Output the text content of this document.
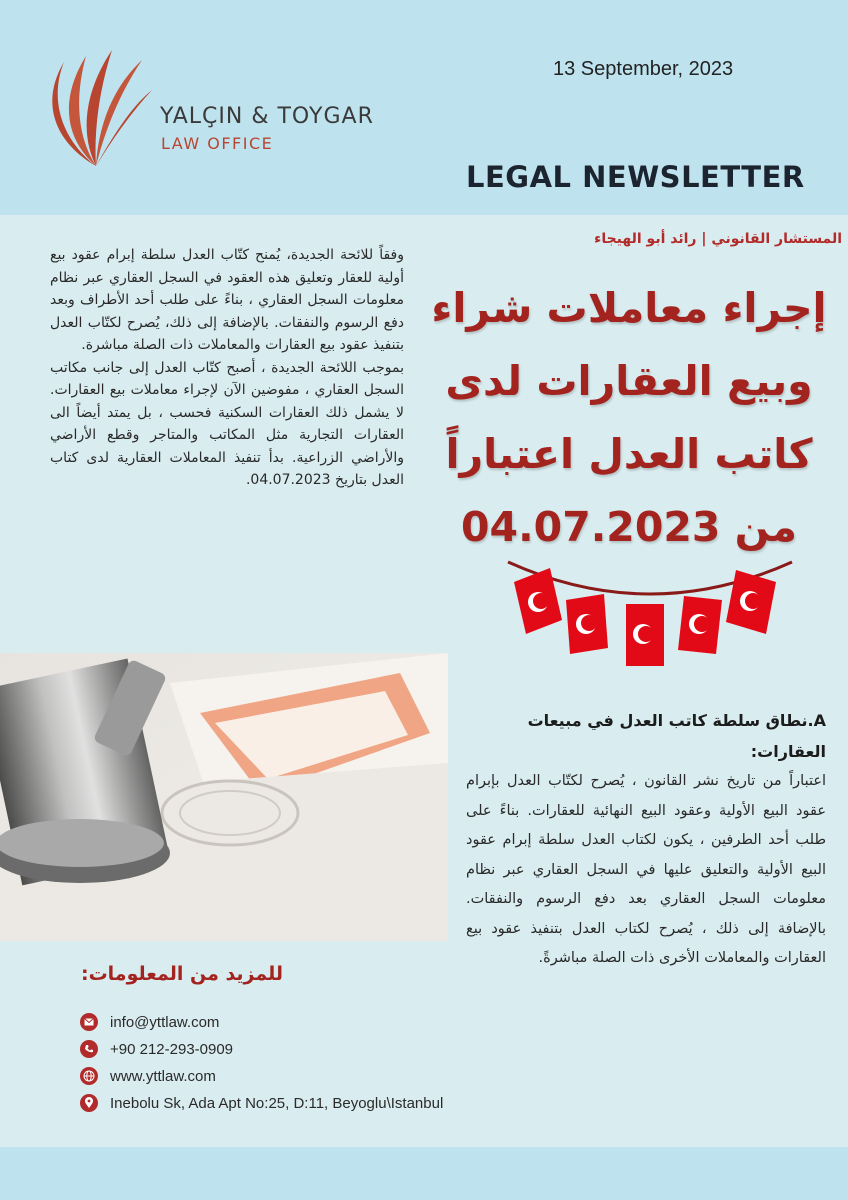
YALÇIN & TOYGAR
LAW OFFICE
13 September, 2023
LEGAL NEWSLETTER

وفقاً للائحة الجديدة، يُمنح كتّاب العدل سلطة إبرام عقود بيع أولية للعقار وتعليق هذه العقود في السجل العقاري عبر نظام معلومات السجل العقاري ، بناءً على طلب أحد الأطراف وبعد دفع الرسوم والنفقات. بالإضافة إلى ذلك، يُصرح لكتّاب العدل بتنفيذ عقود بيع العقارات والمعاملات ذات الصلة مباشرة.

بموجب اللائحة الجديدة ، أصبح كتّاب العدل إلى جانب مكاتب السجل العقاري ، مفوضين الآن لإجراء معاملات بيع العقارات. لا يشمل ذلك العقارات السكنية فحسب ، بل يمتد أيضاً الى العقارات التجارية مثل المكاتب والمتاجر وقطع الأراضي والأراضي الزراعية. بدأ تنفيذ المعاملات العقارية لدى كتاب العدل بتاريخ 04.07.2023.

المستشار القانوني | رائد أبو الهيجاء
إجراء معاملات شراء وبيع العقارات لدى كاتب العدل اعتباراً من 04.07.2023
A.نطاق سلطة كاتب العدل في مبيعات العقارات:

اعتباراً من تاريخ نشر القانون ، يُصرح لكتّاب العدل بإبرام عقود البيع الأولية وعقود البيع النهائية للعقارات. بناءً على طلب أحد الطرفين ، يكون لكتاب العدل سلطة إبرام عقود البيع الأولية والتعليق عليها في السجل العقاري عبر نظام معلومات السجل العقاري بعد دفع الرسوم والنفقات. بالإضافة إلى ذلك ، يُصرح لكتاب العدل بتنفيذ عقود بيع العقارات والمعاملات الأخرى ذات الصلة مباشرةً.

للمزيد من المعلومات:
info@yttlaw.com
+90 212-293-0909
www.yttlaw.com
Inebolu Sk, Ada Apt No:25, D:11, Beyoglu\Istanbul
